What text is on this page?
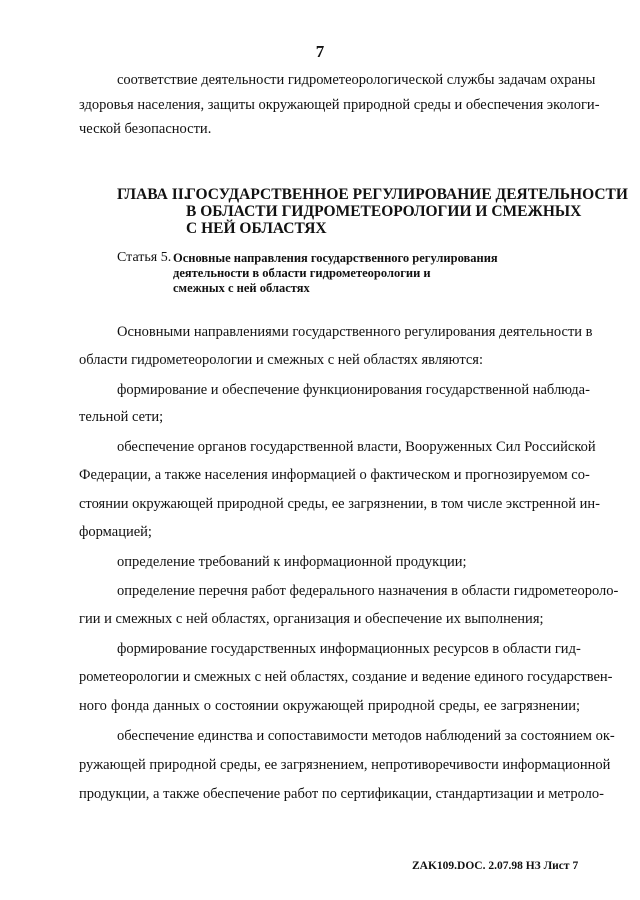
7
соответствие деятельности гидрометеорологической службы задачам охраны
здоровья населения, защиты окружающей природной среды и обеспечения экологи-
ческой безопасности.
ГЛАВА II.
ГОСУДАРСТВЕННОЕ РЕГУЛИРОВАНИЕ ДЕЯТЕЛЬНОСТИ
В ОБЛАСТИ ГИДРОМЕТЕОРОЛОГИИ И СМЕЖНЫХ
С НЕЙ ОБЛАСТЯХ
Статья 5. Основные направления государственного регулирования
деятельности в области гидрометеорологии и
смежных с ней областях
Основными направлениями государственного регулирования деятельности в
области гидрометеорологии и смежных с ней областях являются:
формирование и обеспечение функционирования государственной наблюда-
тельной сети;
обеспечение органов государственной власти, Вооруженных Сил Российской
Федерации, а также населения информацией о фактическом и прогнозируемом со-
стоянии окружающей природной среды, ее загрязнении, в том числе экстренной ин-
формацией;
определение требований к информационной продукции;
определение перечня работ федерального назначения в области гидрометеороло-
гии и смежных с ней областях, организация и обеспечение их выполнения;
формирование государственных информационных ресурсов в области гид-
рометеорологии и смежных с ней областях, создание и ведение единого государствен-
ного фонда данных о состоянии окружающей природной среды, ее загрязнении;
обеспечение единства и сопоставимости методов наблюдений за состоянием ок-
ружающей природной среды, ее загрязнением, непротиворечивости информационной
продукции, а также обеспечение работ по сертификации, стандартизации и метроло-
ZAK109.DOC. 2.07.98 НЗ Лист 7
